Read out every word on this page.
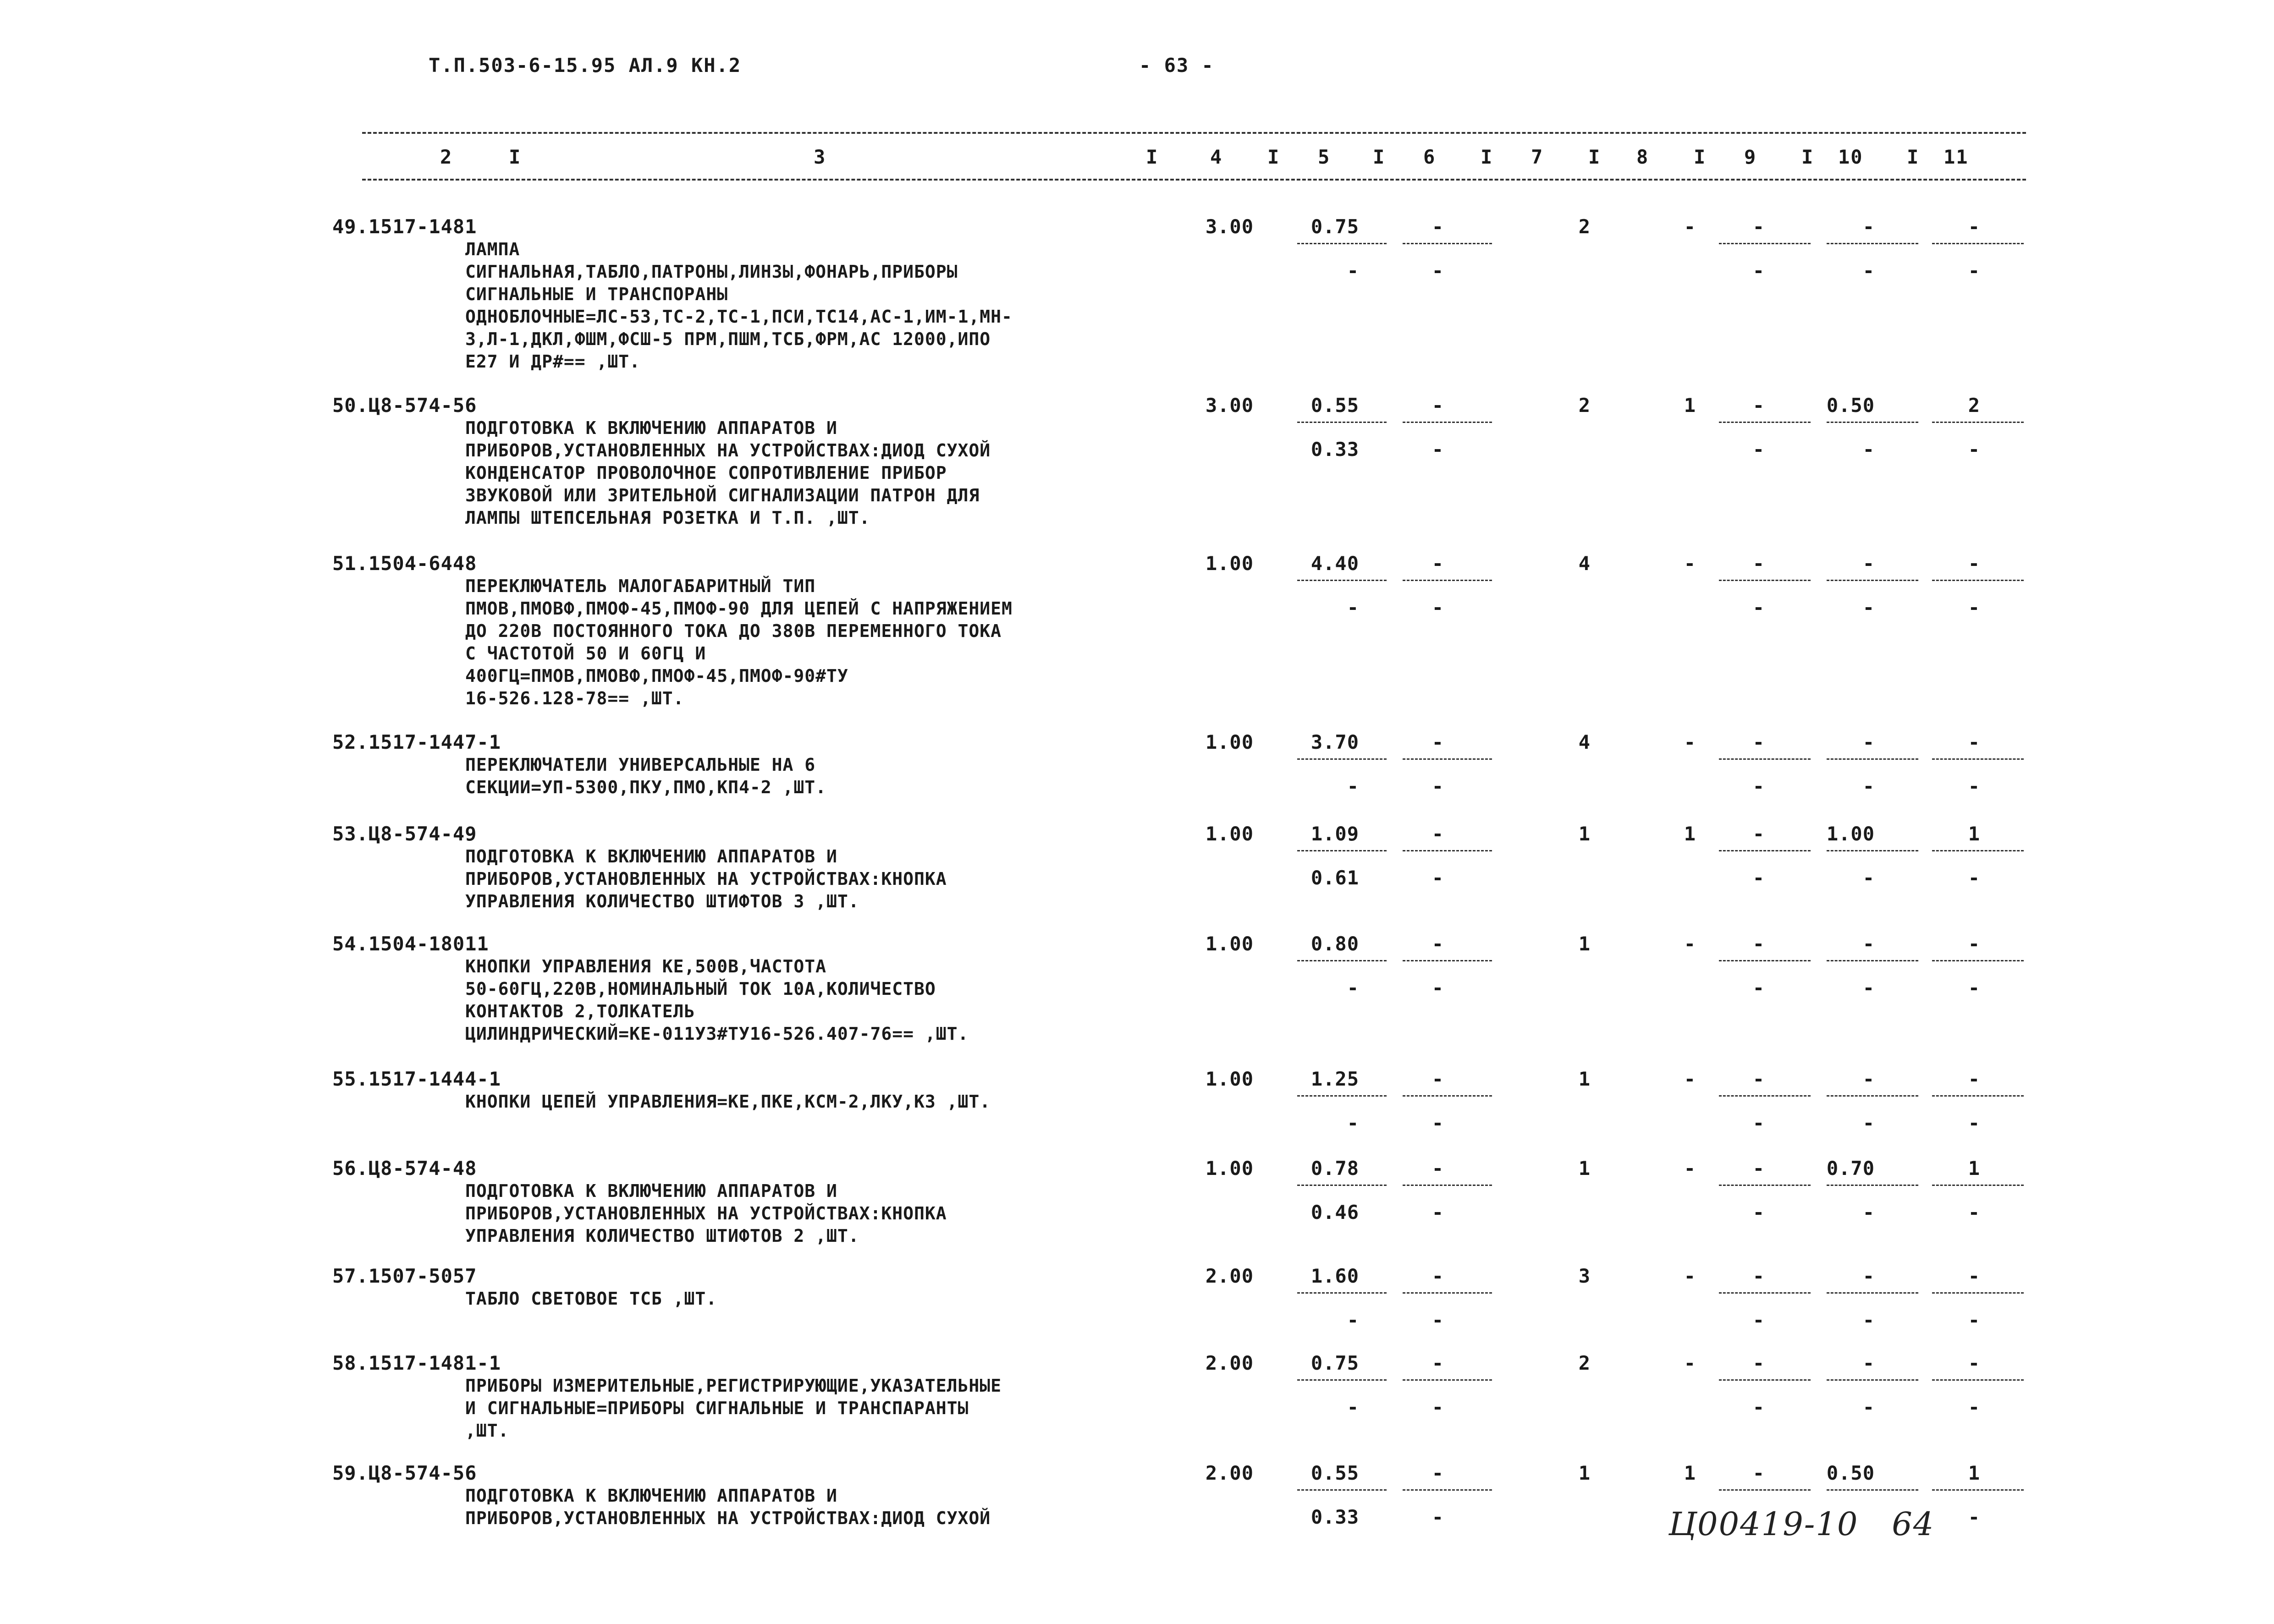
Т.П.503-6-15.95 АЛ.9 КН.2	- 63 -
2	I	3	I	4 I 5 I 6 I 7 I 8 I 9 I 10 I 11
49.1517-1481
ЛАМПА
СИГНАЛЬНАЯ,ТАБЛО,ПАТРОНЫ,ЛИНЗЫ,ФОНАРЬ,ПРИБОРЫ
СИГНАЛЬНЫЕ И ТРАНСПОРАНЫ
ОДНОБЛОЧНЫЕ=ЛС-53,ТС-2,ТС-1,ПСИ,ТС14,АС-1,ИМ-1,МН-
3,Л-1,ДКЛ,ФШМ,ФСШ-5 ПРМ,ПШМ,ТСБ,ФРМ,АС 12000,ИПО
Е27 И ДР#== ,ШТ.
3.00	0.75	-	2	-	-	-	-
-	-	-	-	-
50.Ц8-574-56
ПОДГОТОВКА К ВКЛЮЧЕНИЮ АППАРАТОВ И
ПРИБОРОВ,УСТАНОВЛЕННЫХ НА УСТРОЙСТВАХ:ДИОД СУХОЙ
КОНДЕНСАТОР ПРОВОЛОЧНОЕ СОПРОТИВЛЕНИЕ ПРИБОР
ЗВУКОВОЙ ИЛИ ЗРИТЕЛЬНОЙ СИГНАЛИЗАЦИИ ПАТРОН ДЛЯ
ЛАМПЫ ШТЕПСЕЛЬНАЯ РОЗЕТКА И Т.П. ,ШТ.
3.00	0.55	-	2	1	-	0.50	2
0.33	-	-	-	-
51.1504-6448
ПЕРЕКЛЮЧАТЕЛЬ МАЛОГАБАРИТНЫЙ ТИП
ПМОВ,ПМОВФ,ПМОФ-45,ПМОФ-90 ДЛЯ ЦЕПЕЙ С НАПРЯЖЕНИЕМ
ДО 220В ПОСТОЯННОГО ТОКА ДО 380В ПЕРЕМЕННОГО ТОКА
С ЧАСТОТОЙ 50 И 60ГЦ И
400ГЦ=ПМОВ,ПМОВФ,ПМОФ-45,ПМОФ-90#ТУ
16-526.128-78== ,ШТ.
1.00	4.40	-	4	-	-	-	-
-	-	-	-	-
52.1517-1447-1
ПЕРЕКЛЮЧАТЕЛИ УНИВЕРСАЛЬНЫЕ НА 6
СЕКЦИИ=УП-5300,ПКУ,ПМО,КП4-2 ,ШТ.
1.00	3.70	-	4	-	-	-	-
-	-	-	-	-
53.Ц8-574-49
ПОДГОТОВКА К ВКЛЮЧЕНИЮ АППАРАТОВ И
ПРИБОРОВ,УСТАНОВЛЕННЫХ НА УСТРОЙСТВАХ:КНОПКА
УПРАВЛЕНИЯ КОЛИЧЕСТВО ШТИФТОВ 3 ,ШТ.
1.00	1.09	-	1	1	-	1.00	1
0.61	-	-	-	-
54.1504-18011
КНОПКИ УПРАВЛЕНИЯ КЕ,500В,ЧАСТОТА
50-60ГЦ,220В,НОМИНАЛЬНЫЙ ТОК 10А,КОЛИЧЕСТВО
КОНТАКТОВ 2,ТОЛКАТЕЛЬ
ЦИЛИНДРИЧЕСКИЙ=КЕ-011У3#ТУ16-526.407-76== ,ШТ.
1.00	0.80	-	1	-	-	-	-
-	-	-	-	-
55.1517-1444-1
КНОПКИ ЦЕПЕЙ УПРАВЛЕНИЯ=КЕ,ПКЕ,КСМ-2,ЛКУ,КЗ ,ШТ.
1.00	1.25	-	1	-	-	-	-
-	-	-	-	-
56.Ц8-574-48
ПОДГОТОВКА К ВКЛЮЧЕНИЮ АППАРАТОВ И
ПРИБОРОВ,УСТАНОВЛЕННЫХ НА УСТРОЙСТВАХ:КНОПКА
УПРАВЛЕНИЯ КОЛИЧЕСТВО ШТИФТОВ 2 ,ШТ.
1.00	0.78	-	1	-	-	0.70	1
0.46	-	-	-	-
57.1507-5057
ТАБЛО СВЕТОВОЕ ТСБ ,ШТ.
2.00	1.60	-	3	-	-	-	-
-	-	-	-	-
58.1517-1481-1
ПРИБОРЫ ИЗМЕРИТЕЛЬНЫЕ,РЕГИСТРИРУЮЩИЕ,УКАЗАТЕЛЬНЫЕ
И СИГНАЛЬНЫЕ=ПРИБОРЫ СИГНАЛЬНЫЕ И ТРАНСПАРАНТЫ
,ШТ.
2.00	0.75	-	2	-	-	-	-
-	-	-	-	-
59.Ц8-574-56
ПОДГОТОВКА К ВКЛЮЧЕНИЮ АППАРАТОВ И
ПРИБОРОВ,УСТАНОВЛЕННЫХ НА УСТРОЙСТВАХ:ДИОД СУХОЙ
2.00	0.55	-	1	1	-	0.50	1
0.33	-	-
Ц00419-10   64
